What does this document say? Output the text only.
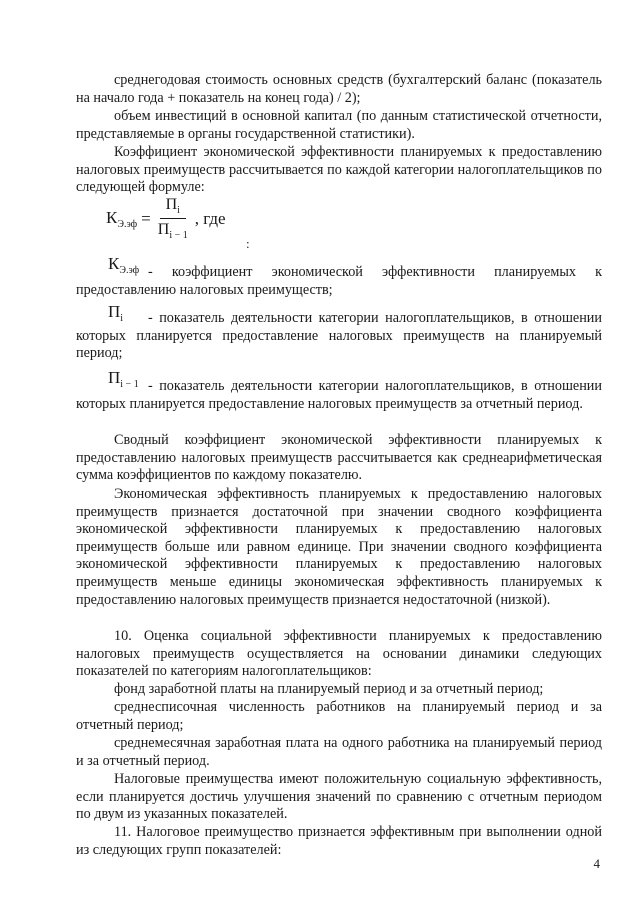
среднегодовая стоимость основных средств (бухгалтерский баланс (показатель на начало года + показатель на конец года) / 2);

объем инвестиций в основной капитал (по данным статистической отчетности, представляемые в органы государственной статистики).

Коэффициент экономической эффективности планируемых к предоставлению налоговых преимуществ рассчитывается по каждой категории налогоплательщиков по следующей формуле:

$К_{Э.эф} = \frac{П_i}{П_{i - 1}}$ , где
:
$К_{Э.эф}$ - коэффициент экономической эффективности планируемых к предоставлению налоговых преимуществ;

$П_i$	- показатель деятельности категории налогоплательщиков, в отношении которых планируется предоставление налоговых преимуществ на планируемый период;

$П_{i - 1}$ - показатель деятельности категории налогоплательщиков, в отношении которых планируется предоставление налоговых преимуществ за отчетный период.

Сводный коэффициент экономической эффективности планируемых к предоставлению налоговых преимуществ рассчитывается как среднеарифметическая сумма коэффициентов по каждому показателю.

Экономическая эффективность планируемых к предоставлению налоговых преимуществ признается достаточной при значении сводного коэффициента экономической эффективности планируемых к предоставлению налоговых преимуществ больше или равном единице. При значении сводного коэффициента экономической эффективности планируемых к предоставлению налоговых преимуществ меньше единицы экономическая эффективность планируемых к предоставлению налоговых преимуществ признается недостаточной (низкой).

10. Оценка социальной эффективности планируемых к предоставлению налоговых преимуществ осуществляется на основании динамики следующих показателей по категориям налогоплательщиков:

фонд заработной платы на планируемый период и за отчетный период;

среднесписочная численность работников на планируемый период и за отчетный период;

среднемесячная заработная плата на одного работника на планируемый период и за отчетный период.

Налоговые преимущества имеют положительную социальную эффективность, если планируется достичь улучшения значений по сравнению с отчетным периодом по двум из указанных показателей.

11. Налоговое преимущество признается эффективным при выполнении одной из следующих групп показателей:

4
